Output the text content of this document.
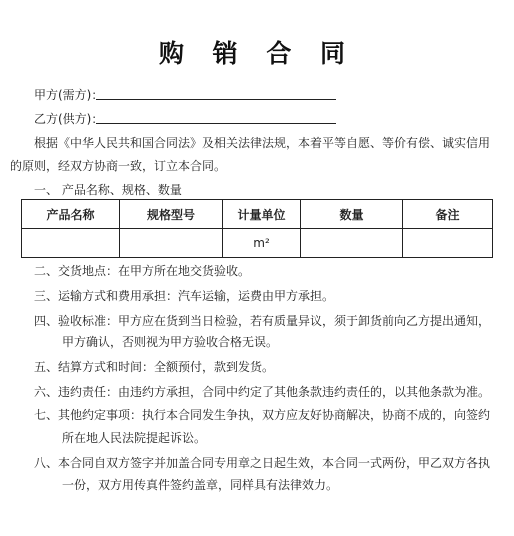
购 销 合 同
甲方(需方)：
乙方(供方)：
根据《中华人民共和国合同法》及相关法律法规，本着平等自愿、等价有偿、诚实信用
的原则，经双方协商一致，订立本合同。
一、 产品名称、规格、数量
产品名称	规格型号	计量单位	数量	备注
		m²		
二、交货地点：在甲方所在地交货验收。
三、运输方式和费用承担：汽车运输，运费由甲方承担。
四、验收标准：甲方应在货到当日检验，若有质量异议，须于卸货前向乙方提出通知，
甲方确认，否则视为甲方验收合格无误。
五、结算方式和时间：全额预付，款到发货。
六、违约责任：由违约方承担，合同中约定了其他条款违约责任的，以其他条款为准。
七、其他约定事项：执行本合同发生争执，双方应友好协商解决，协商不成的，向签约
所在地人民法院提起诉讼。
八、本合同自双方签字并加盖合同专用章之日起生效，本合同一式两份，甲乙双方各执
一份，双方用传真件签约盖章，同样具有法律效力。
